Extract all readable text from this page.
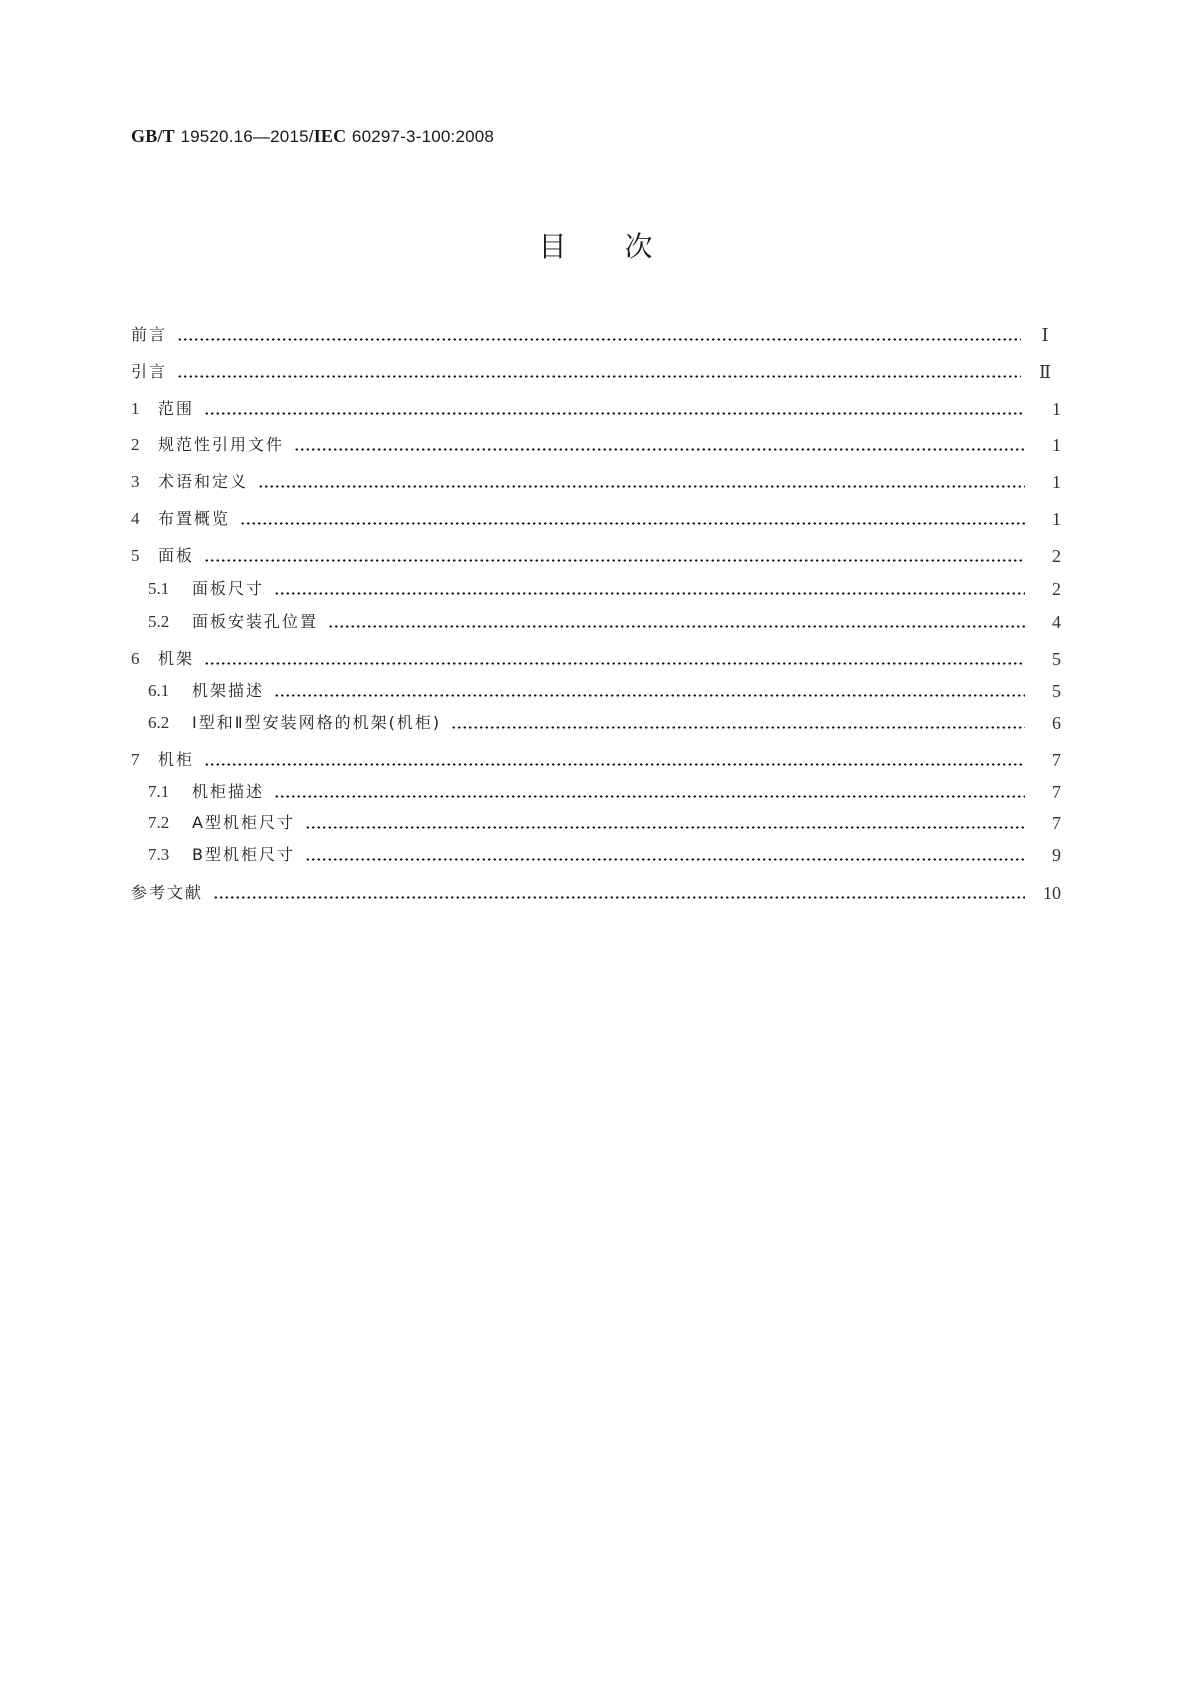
GB/T 19520.16—2015/IEC 60297-3-100:2008
目 次
前言	Ⅰ
引言	Ⅱ
1	范围	1
2	规范性引用文件	1
3	术语和定义	1
4	布置概览	1
5	面板	2
5.1	面板尺寸	2
5.2	面板安装孔位置	4
6	机架	5
6.1	机架描述	5
6.2	Ⅰ型和Ⅱ型安装网格的机架(机柜)	6
7	机柜	7
7.1	机柜描述	7
7.2	A型机柜尺寸	7
7.3	B型机柜尺寸	9
参考文献	10
